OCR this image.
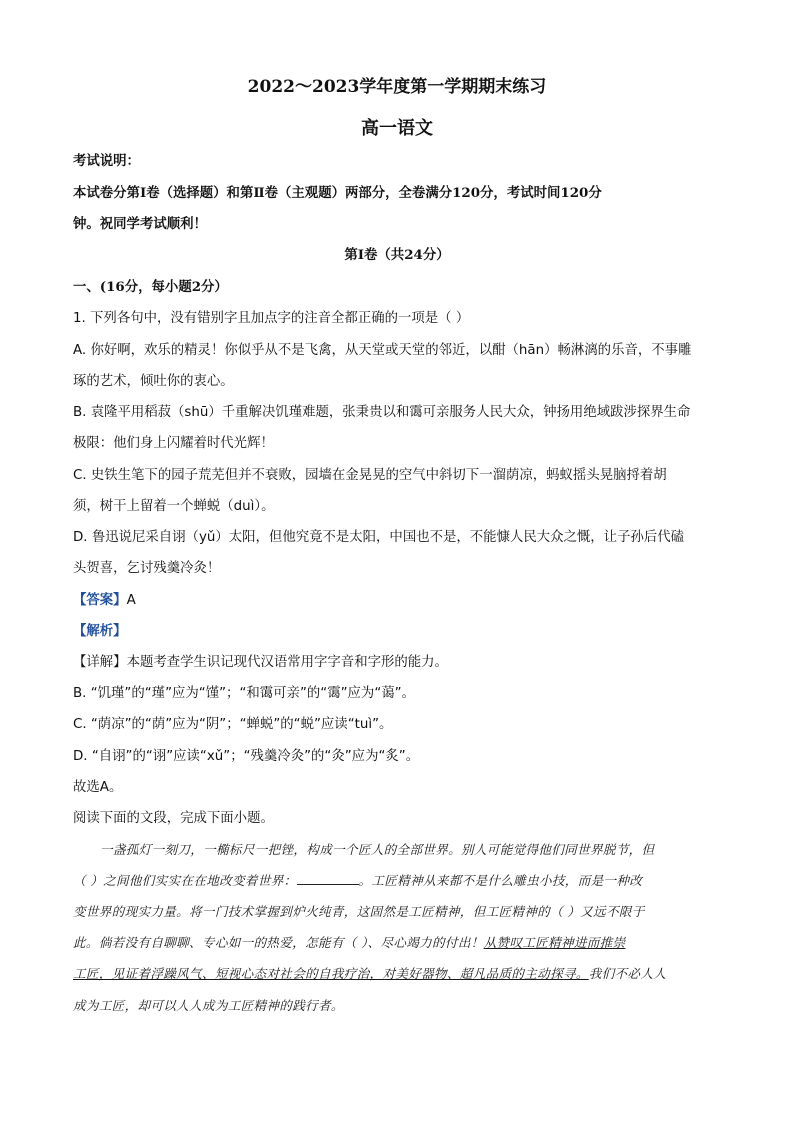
2022～2023学年度第一学期期末练习
高一语文
考试说明：
本试卷分第Ⅰ卷（选择题）和第Ⅱ卷（主观题）两部分，全卷满分120分，考试时间120分
钟。祝同学考试顺利！
第Ⅰ卷（共24分）
一、(16分，每小题2分）
1. 下列各句中，没有错别字且加点字的注音全都正确的一项是（ ）
A. 你好啊，欢乐的精灵！你似乎从不是飞禽，从天堂或天堂的邻近，以酣（hān）畅淋漓的乐音，不事雕
琢的艺术，倾吐你的衷心。
B. 袁隆平用稻菽（shū）千重解决饥瑾难题，张秉贵以和霭可亲服务人民大众，钟扬用绝域跋涉探界生命
极限：他们身上闪耀着时代光辉！
C. 史铁生笔下的园子荒芜但并不衰败，园墙在金晃晃的空气中斜切下一溜荫凉，蚂蚁摇头晃脑捋着胡
须，树干上留着一个蝉蜕（duì）。
D. 鲁迅说尼采自诩（yǔ）太阳，但他究竟不是太阳，中国也不是，不能慷人民大众之慨，让子孙后代磕
头贺喜，乞讨残羹冷灸！
【答案】A
【解析】
【详解】本题考查学生识记现代汉语常用字字音和字形的能力。
B. “饥瑾”的“瑾”应为“馑”；“和霭可亲”的“霭”应为“蔼”。
C. “荫凉”的“荫”应为“阴”；“蝉蜕”的“蜕”应读“tuì”。
D. “自诩”的“诩”应读“xǔ”；“残羹冷灸”的“灸”应为“炙”。
故选A。
阅读下面的文段，完成下面小题。
一盏孤灯一刻刀，一椭标尺一把锉，构成一个匠人的全部世界。别人可能觉得他们同世界脱节，但
（ ）之间他们实实在在地改变着世界：	。工匠精神从来都不是什么雕虫小技，而是一种改
变世界的现实力量。将一门技术掌握到炉火纯青，这固然是工匠精神，但工匠精神的（ ）又远不限于
此。倘若没有自聊聊、专心如一的热爱，怎能有（ ）、尽心竭力的付出！从赞叹工匠精神进而推崇
工匠，见证着浮躁风气、短视心态对社会的自我疗治，对美好器物、超凡品质的主动探寻。我们不必人人
成为工匠，却可以人人成为工匠精神的践行者。
